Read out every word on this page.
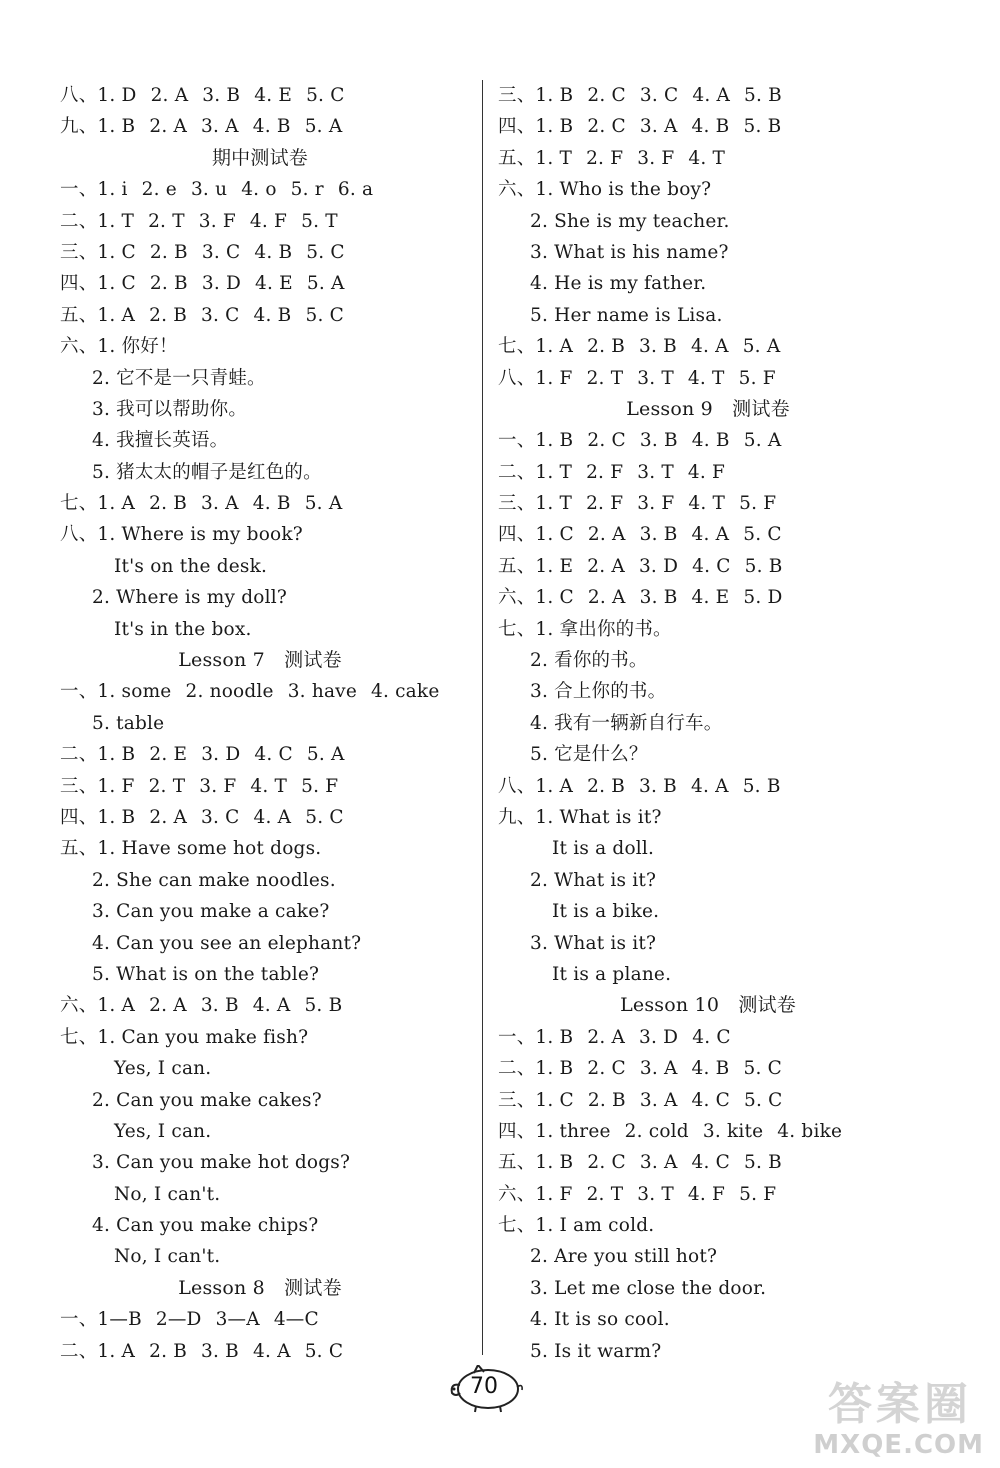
八、1. D 2. A 3. B 4. E 5. C
九、1. B 2. A 3. A 4. B 5. A
期中测试卷
一、1. i 2. e 3. u 4. o 5. r 6. a
二、1. T 2. T 3. F 4. F 5. T
三、1. C 2. B 3. C 4. B 5. C
四、1. C 2. B 3. D 4. E 5. A
五、1. A 2. B 3. C 4. B 5. C
六、1. 你好！
2. 它不是一只青蛙。
3. 我可以帮助你。
4. 我擅长英语。
5. 猪太太的帽子是红色的。
七、1. A 2. B 3. A 4. B 5. A
八、1. Where is my book?
It's on the desk.
2. Where is my doll?
It's in the box.
Lesson 7　测试卷
一、1. some 2. noodle 3. have 4. cake
5. table
二、1. B 2. E 3. D 4. C 5. A
三、1. F 2. T 3. F 4. T 5. F
四、1. B 2. A 3. C 4. A 5. C
五、1. Have some hot dogs.
2. She can make noodles.
3. Can you make a cake?
4. Can you see an elephant?
5. What is on the table?
六、1. A 2. A 3. B 4. A 5. B
七、1. Can you make fish?
Yes, I can.
2. Can you make cakes?
Yes, I can.
3. Can you make hot dogs?
No, I can't.
4. Can you make chips?
No, I can't.
Lesson 8　测试卷
一、1—B 2—D 3—A 4—C
二、1. A 2. B 3. B 4. A 5. C
三、1. B 2. C 3. C 4. A 5. B
四、1. B 2. C 3. A 4. B 5. B
五、1. T 2. F 3. F 4. T
六、1. Who is the boy?
2. She is my teacher.
3. What is his name?
4. He is my father.
5. Her name is Lisa.
七、1. A 2. B 3. B 4. A 5. A
八、1. F 2. T 3. T 4. T 5. F
Lesson 9　测试卷
一、1. B 2. C 3. B 4. B 5. A
二、1. T 2. F 3. T 4. F
三、1. T 2. F 3. F 4. T 5. F
四、1. C 2. A 3. B 4. A 5. C
五、1. E 2. A 3. D 4. C 5. B
六、1. C 2. A 3. B 4. E 5. D
七、1. 拿出你的书。
2. 看你的书。
3. 合上你的书。
4. 我有一辆新自行车。
5. 它是什么？
八、1. A 2. B 3. B 4. A 5. B
九、1. What is it?
It is a doll.
2. What is it?
It is a bike.
3. What is it?
It is a plane.
Lesson 10　测试卷
一、1. B 2. A 3. D 4. C
二、1. B 2. C 3. A 4. B 5. C
三、1. C 2. B 3. A 4. C 5. C
四、1. three 2. cold 3. kite 4. bike
五、1. B 2. C 3. A 4. C 5. B
六、1. F 2. T 3. T 4. F 5. F
七、1. I am cold.
2. Are you still hot?
3. Let me close the door.
4. It is so cool.
5. Is it warm?
70	答案圈
MXQE.COM
